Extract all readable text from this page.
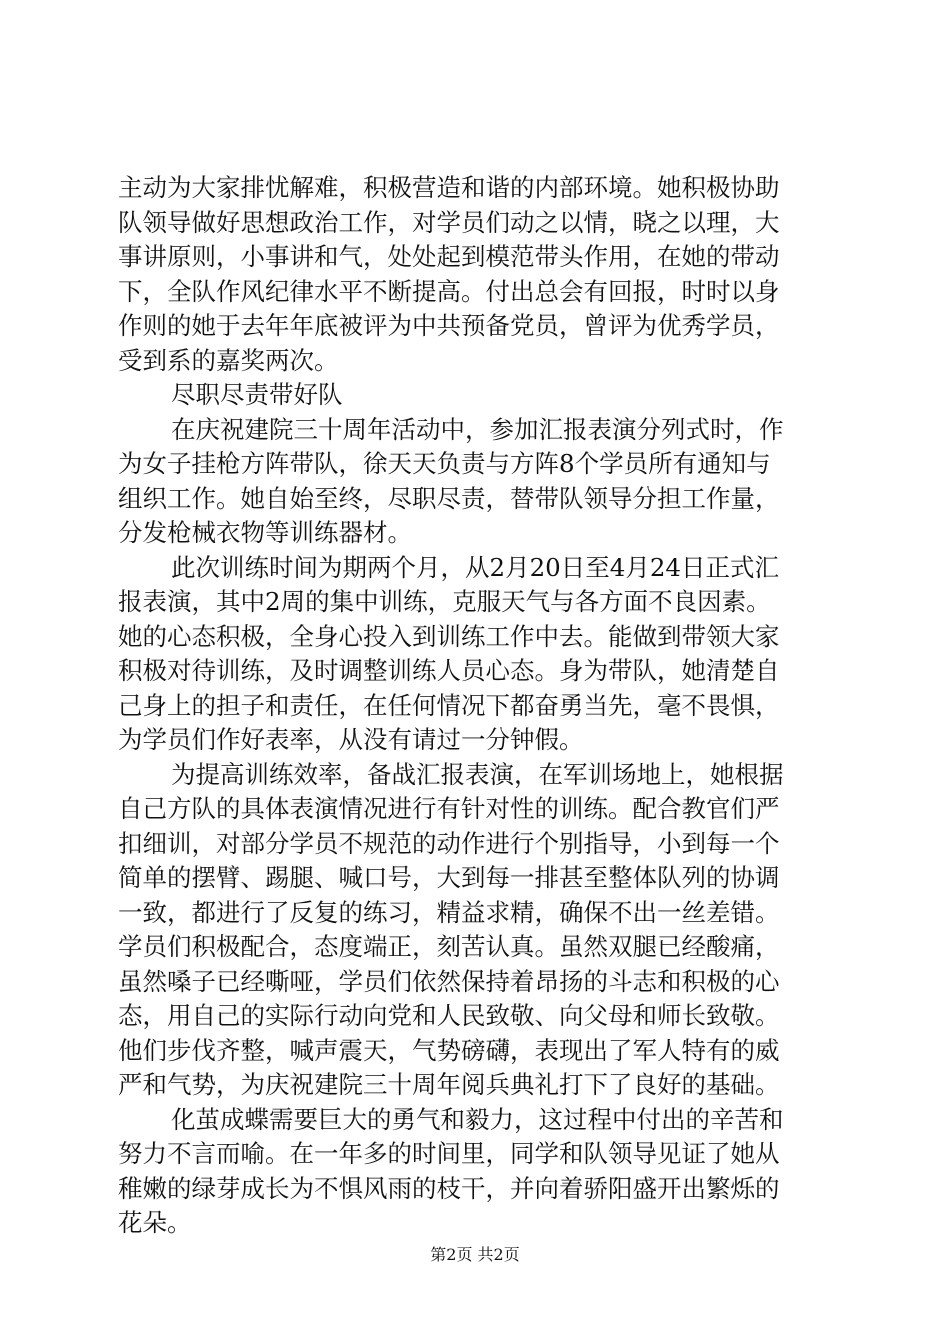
主动为大家排忧解难，积极营造和谐的内部环境。她积极协助
队领导做好思想政治工作，对学员们动之以情，晓之以理，大
事讲原则，小事讲和气，处处起到模范带头作用，在她的带动
下，全队作风纪律水平不断提高。付出总会有回报，时时以身
作则的她于去年年底被评为中共预备党员，曾评为优秀学员，
受到系的嘉奖两次。
尽职尽责带好队
在庆祝建院三十周年活动中，参加汇报表演分列式时，作
为女子挂枪方阵带队，徐天天负责与方阵8个学员所有通知与
组织工作。她自始至终，尽职尽责，替带队领导分担工作量，
分发枪械衣物等训练器材。
此次训练时间为期两个月，从2月20日至4月24日正式汇
报表演，其中2周的集中训练，克服天气与各方面不良因素。
她的心态积极，全身心投入到训练工作中去。能做到带领大家
积极对待训练，及时调整训练人员心态。身为带队，她清楚自
己身上的担子和责任，在任何情况下都奋勇当先，毫不畏惧，
为学员们作好表率，从没有请过一分钟假。
为提高训练效率，备战汇报表演，在军训场地上，她根据
自己方队的具体表演情况进行有针对性的训练。配合教官们严
扣细训，对部分学员不规范的动作进行个别指导，小到每一个
简单的摆臂、踢腿、喊口号，大到每一排甚至整体队列的协调
一致，都进行了反复的练习，精益求精，确保不出一丝差错。
学员们积极配合，态度端正，刻苦认真。虽然双腿已经酸痛，
虽然嗓子已经嘶哑，学员们依然保持着昂扬的斗志和积极的心
态，用自己的实际行动向党和人民致敬、向父母和师长致敬。
他们步伐齐整，喊声震天，气势磅礴，表现出了军人特有的威
严和气势，为庆祝建院三十周年阅兵典礼打下了良好的基础。
化茧成蝶需要巨大的勇气和毅力，这过程中付出的辛苦和
努力不言而喻。在一年多的时间里，同学和队领导见证了她从
稚嫩的绿芽成长为不惧风雨的枝干，并向着骄阳盛开出繁烁的
花朵。
第2页 共2页
